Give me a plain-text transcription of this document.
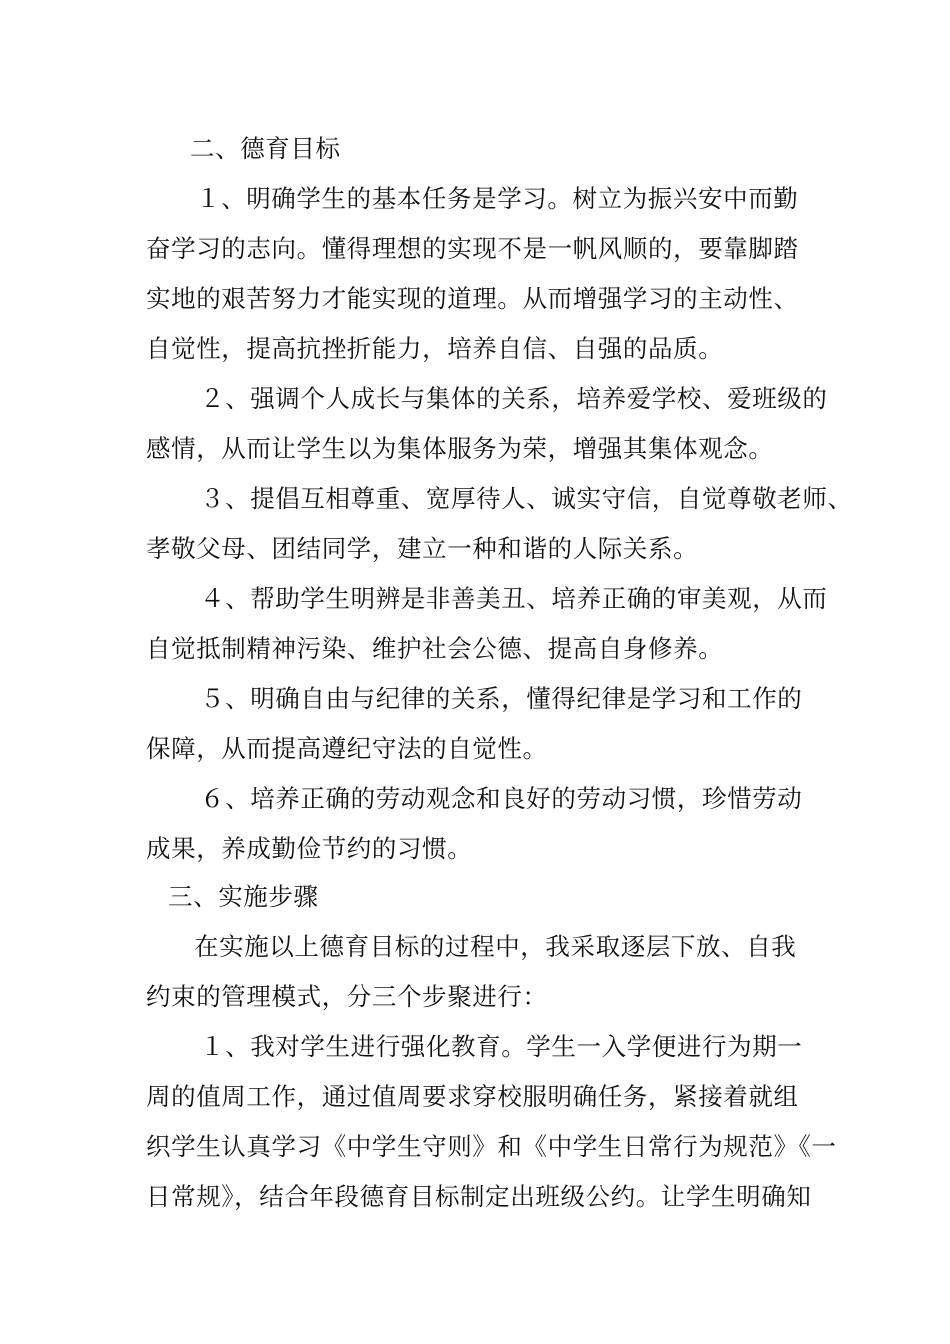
二、德育目标
１、明确学生的基本任务是学习。树立为振兴安中而勤
奋学习的志向。懂得理想的实现不是一帆风顺的，要靠脚踏
实地的艰苦努力才能实现的道理。从而增强学习的主动性、
自觉性，提高抗挫折能力，培养自信、自强的品质。
２、强调个人成长与集体的关系，培养爱学校、爱班级的
感情，从而让学生以为集体服务为荣，增强其集体观念。
３、提倡互相尊重、宽厚待人、诚实守信，自觉尊敬老师、
孝敬父母、团结同学，建立一种和谐的人际关系。
４、帮助学生明辨是非善美丑、培养正确的审美观，从而
自觉抵制精神污染、维护社会公德、提高自身修养。
５、明确自由与纪律的关系，懂得纪律是学习和工作的
保障，从而提高遵纪守法的自觉性。
６、培养正确的劳动观念和良好的劳动习惯，珍惜劳动
成果，养成勤俭节约的习惯。
三、实施步骤
在实施以上德育目标的过程中，我采取逐层下放、自我
约束的管理模式，分三个步聚进行：
１、我对学生进行强化教育。学生一入学便进行为期一
周的值周工作，通过值周要求穿校服明确任务，紧接着就组
织学生认真学习《中学生守则》和《中学生日常行为规范》《一
日常规》，结合年段德育目标制定出班级公约。让学生明确知
